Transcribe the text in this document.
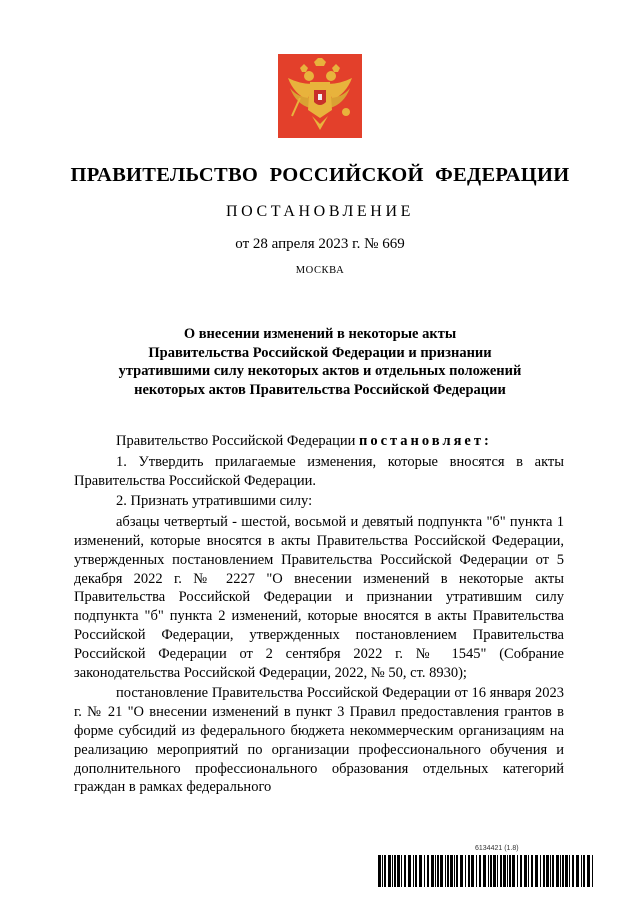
ПРАВИТЕЛЬСТВО РОССИЙСКОЙ ФЕДЕРАЦИИ
ПОСТАНОВЛЕНИЕ
от 28 апреля 2023 г. № 669
МОСКВА
О внесении изменений в некоторые акты
Правительства Российской Федерации и признании
утратившими силу некоторых актов и отдельных положений
некоторых актов Правительства Российской Федерации

Правительство Российской Федерации постановляет:

1. Утвердить прилагаемые изменения, которые вносятся в акты Правительства Российской Федерации.

2. Признать утратившими силу:

абзацы четвертый - шестой, восьмой и девятый подпункта "б" пункта 1 изменений, которые вносятся в акты Правительства Российской Федерации, утвержденных постановлением Правительства Российской Федерации от 5 декабря 2022 г. № 2227 "О внесении изменений в некоторые акты Правительства Российской Федерации и признании утратившим силу подпункта "б" пункта 2 изменений, которые вносятся в акты Правительства Российской Федерации, утвержденных постановлением Правительства Российской Федерации от 2 сентября 2022 г. № 1545" (Собрание законодательства Российской Федерации, 2022, № 50, ст. 8930);

постановление Правительства Российской Федерации от 16 января 2023 г. № 21 "О внесении изменений в пункт 3 Правил предоставления грантов в форме субсидий из федерального бюджета некоммерческим организациям на реализацию мероприятий по организации профессионального обучения и дополнительного профессионального образования отдельных категорий граждан в рамках федерального

6134421 (1.8)
